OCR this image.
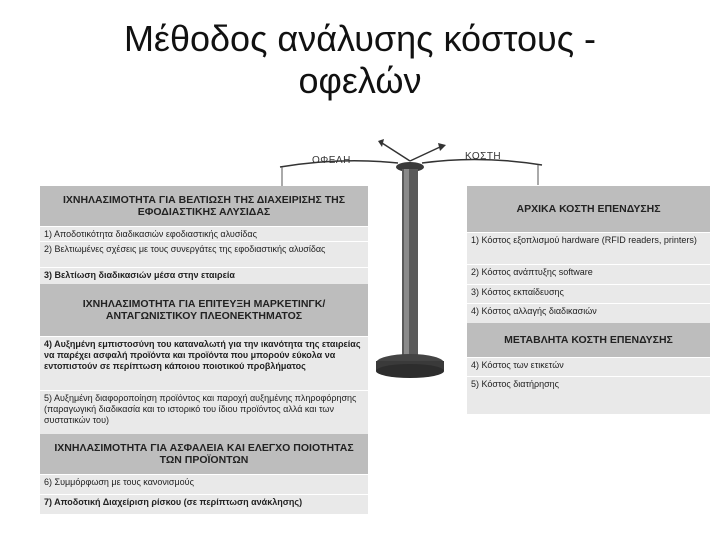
Μέθοδος ανάλυσης κόστους -
οφελών
ΟΦΕΛΗ	ΚΟΣΤΗ
ΙΧΝΗΛΑΣΙΜΟΤΗΤΑ ΓΙΑ ΒΕΛΤΙΩΣΗ ΤΗΣ ΔΙΑΧΕΙΡΙΣΗΣ ΤΗΣ ΕΦΟΔΙΑΣΤΙΚΗΣ ΑΛΥΣΙΔΑΣ
1) Αποδοτικότητα διαδικασιών εφοδιαστικής αλυσίδας
2) Βελτιωμένες σχέσεις με τους συνεργάτες της εφοδιαστικής αλυσίδας
3) Βελτίωση διαδικασιών μέσα στην εταιρεία
ΙΧΝΗΛΑΣΙΜΟΤΗΤΑ ΓΙΑ ΕΠΙΤΕΥΞΗ ΜΑΡΚΕΤΙΝΓΚ/ΑΝΤΑΓΩΝΙΣΤΙΚΟΥ ΠΛΕΟΝΕΚΤΗΜΑΤΟΣ
4) Αυξημένη εμπιστοσύνη του καταναλωτή για την ικανότητα της εταιρείας να παρέχει ασφαλή προϊόντα και προϊόντα που μπορούν εύκολα να εντοπιστούν σε περίπτωση κάποιου ποιοτικού προβλήματος
5) Αυξημένη διαφοροποίηση προϊόντος και παροχή αυξημένης πληροφόρησης (παραγωγική διαδικασία και το ιστορικό του ίδιου προϊόντος αλλά και των συστατικών του)
ΙΧΝΗΛΑΣΙΜΟΤΗΤΑ ΓΙΑ ΑΣΦΑΛΕΙΑ ΚΑΙ ΕΛΕΓΧΟ ΠΟΙΟΤΗΤΑΣ ΤΩΝ ΠΡΟΪΟΝΤΩΝ
6) Συμμόρφωση με τους κανονισμούς
7) Αποδοτική Διαχείριση ρίσκου (σε περίπτωση ανάκλησης)
ΑΡΧΙΚΑ ΚΟΣΤΗ ΕΠΕΝΔΥΣΗΣ
1) Κόστος εξοπλισμού hardware (RFID readers, printers)
2) Κόστος ανάπτυξης software
3) Κόστος εκπαίδευσης
4) Κόστος αλλαγής διαδικασιών
ΜΕΤΑΒΛΗΤΑ ΚΟΣΤΗ ΕΠΕΝΔΥΣΗΣ
4) Κόστος των ετικετών
5) Κόστος διατήρησης
